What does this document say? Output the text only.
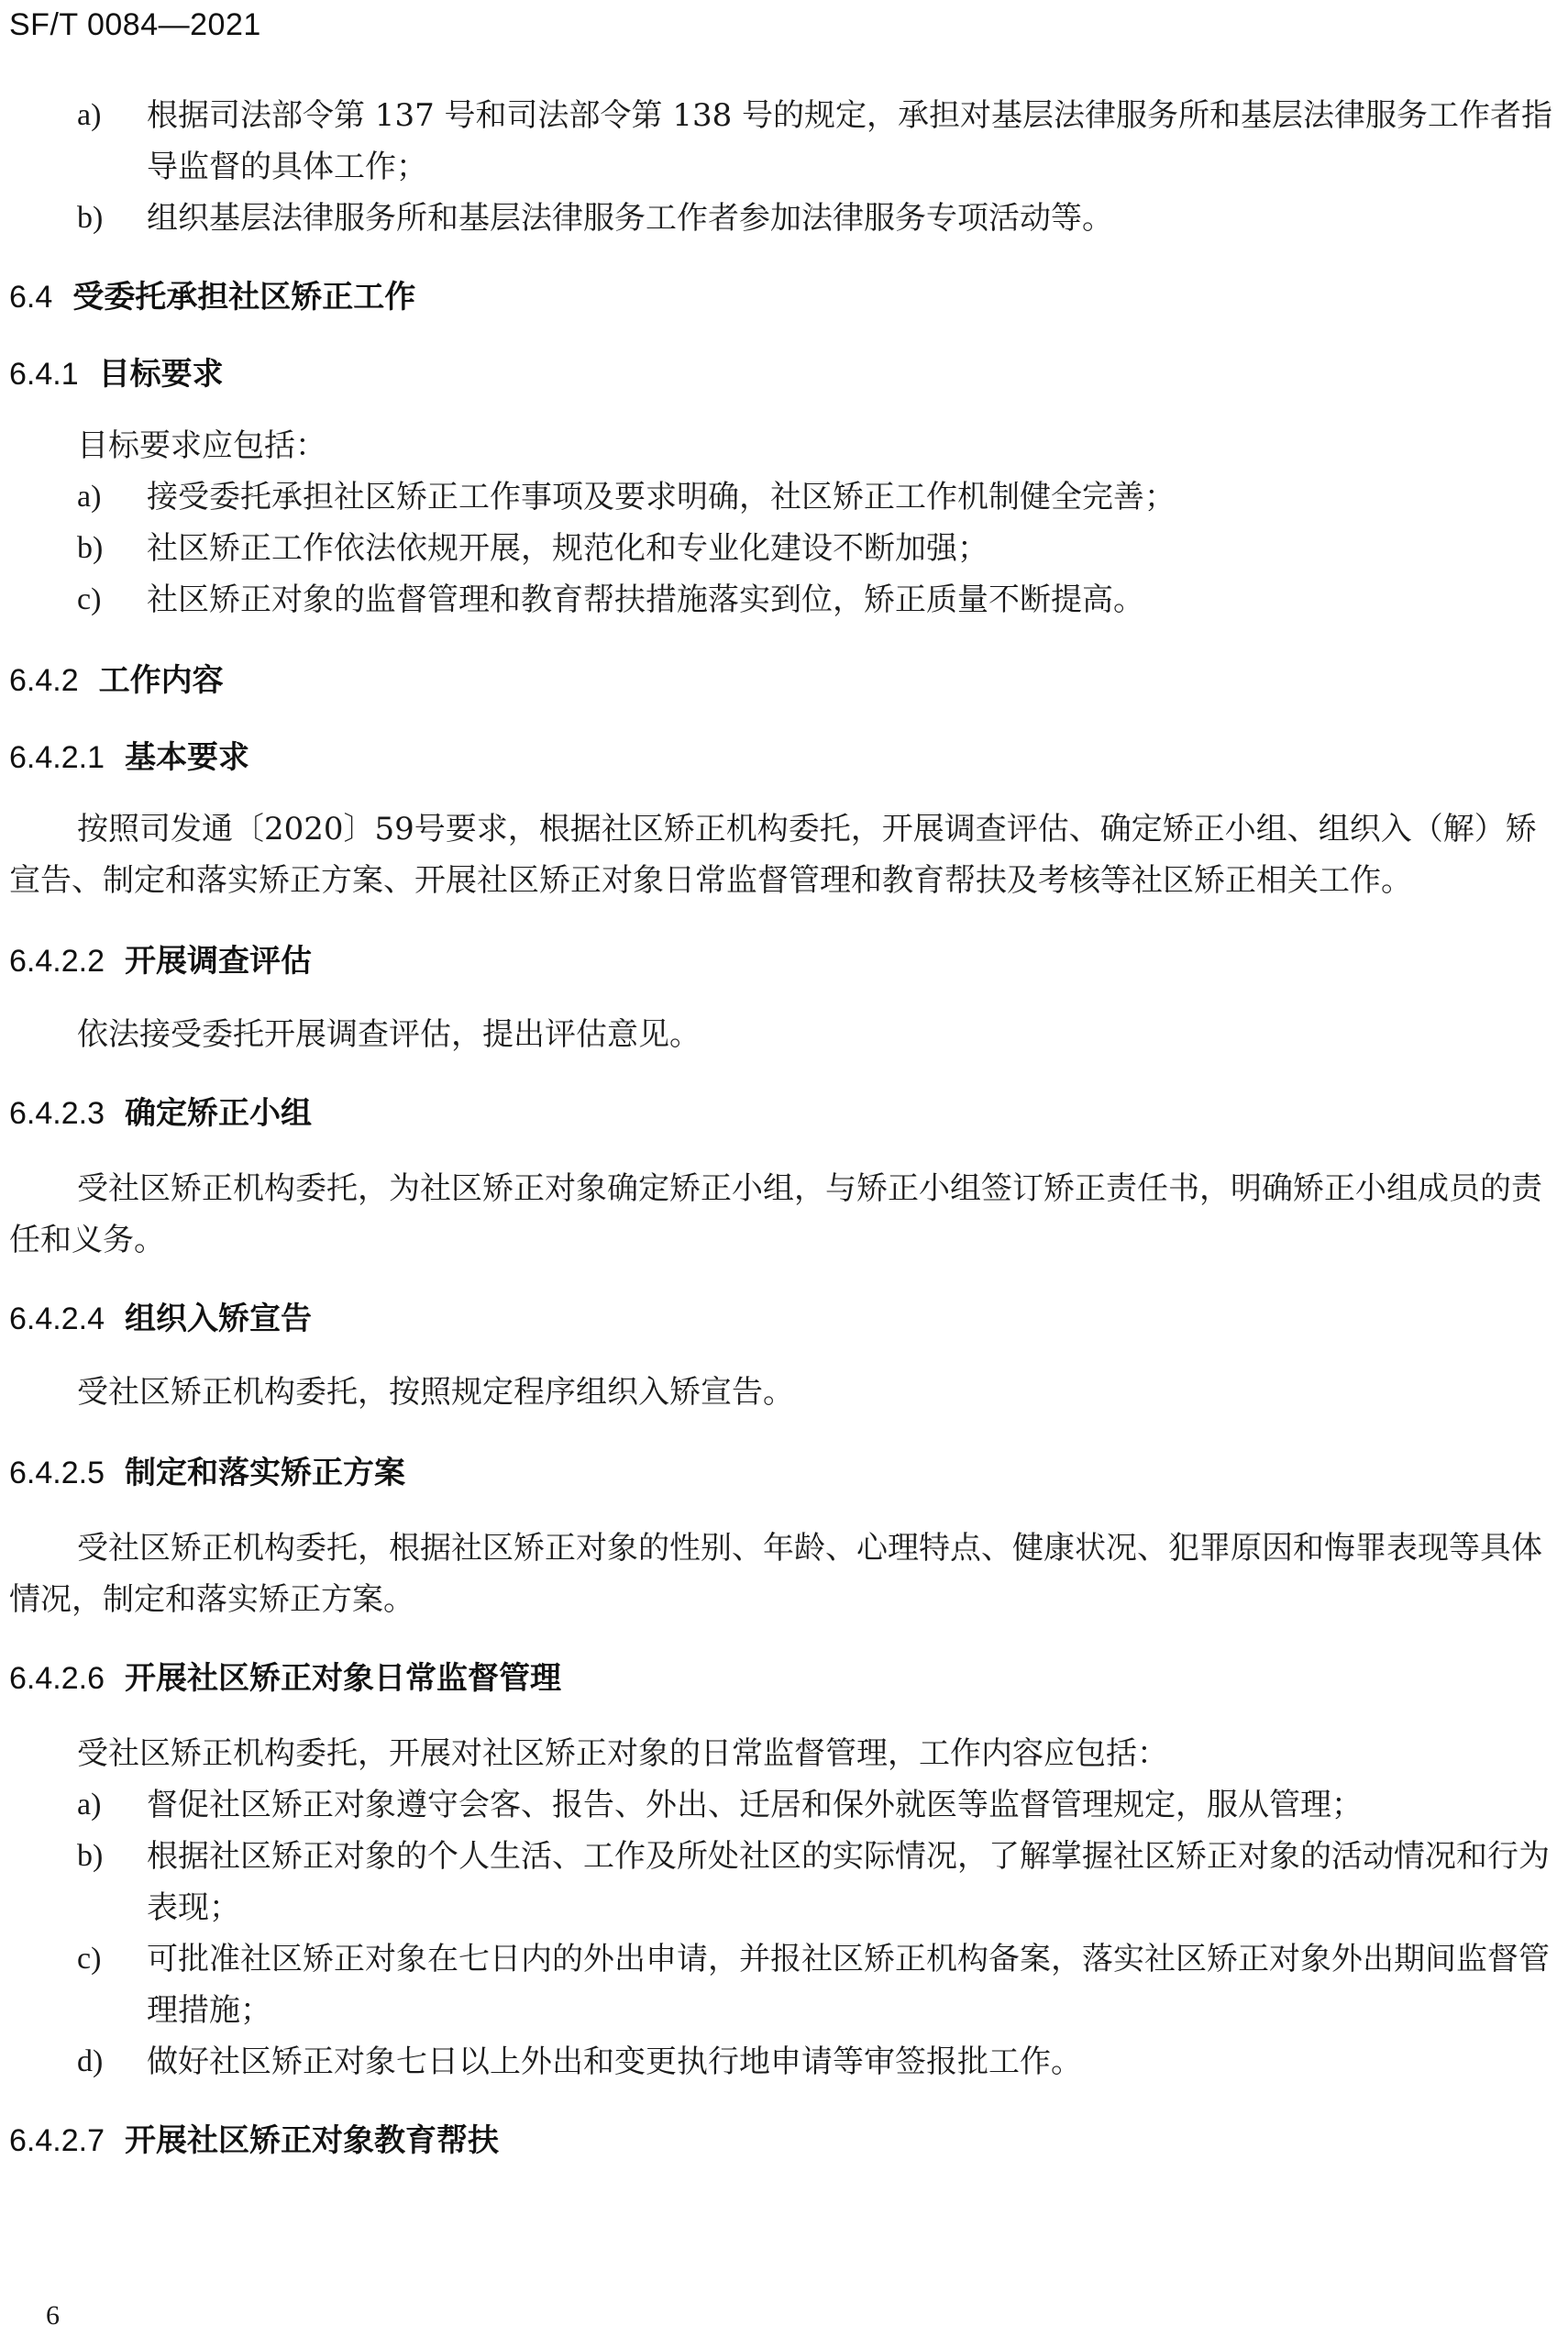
SF/T 0084—2021
a)	根据司法部令第 137 号和司法部令第 138 号的规定，承担对基层法律服务所和基层法律服务工作者指导监督的具体工作；
b)	组织基层法律服务所和基层法律服务工作者参加法律服务专项活动等。
6.4 受委托承担社区矫正工作
6.4.1 目标要求
目标要求应包括：
a)	接受委托承担社区矫正工作事项及要求明确，社区矫正工作机制健全完善；
b)	社区矫正工作依法依规开展，规范化和专业化建设不断加强；
c)	社区矫正对象的监督管理和教育帮扶措施落实到位，矫正质量不断提高。
6.4.2 工作内容
6.4.2.1 基本要求
按照司发通〔2020〕59号要求，根据社区矫正机构委托，开展调查评估、确定矫正小组、组织入（解）矫宣告、制定和落实矫正方案、开展社区矫正对象日常监督管理和教育帮扶及考核等社区矫正相关工作。
6.4.2.2 开展调查评估
依法接受委托开展调查评估，提出评估意见。
6.4.2.3 确定矫正小组
受社区矫正机构委托，为社区矫正对象确定矫正小组，与矫正小组签订矫正责任书，明确矫正小组成员的责任和义务。
6.4.2.4 组织入矫宣告
受社区矫正机构委托，按照规定程序组织入矫宣告。
6.4.2.5 制定和落实矫正方案
受社区矫正机构委托，根据社区矫正对象的性别、年龄、心理特点、健康状况、犯罪原因和悔罪表现等具体情况，制定和落实矫正方案。
6.4.2.6 开展社区矫正对象日常监督管理
受社区矫正机构委托，开展对社区矫正对象的日常监督管理，工作内容应包括：
a)	督促社区矫正对象遵守会客、报告、外出、迁居和保外就医等监督管理规定，服从管理；
b)	根据社区矫正对象的个人生活、工作及所处社区的实际情况，了解掌握社区矫正对象的活动情况和行为表现；
c)	可批准社区矫正对象在七日内的外出申请，并报社区矫正机构备案，落实社区矫正对象外出期间监督管理措施；
d)	做好社区矫正对象七日以上外出和变更执行地申请等审签报批工作。
6.4.2.7 开展社区矫正对象教育帮扶
6
